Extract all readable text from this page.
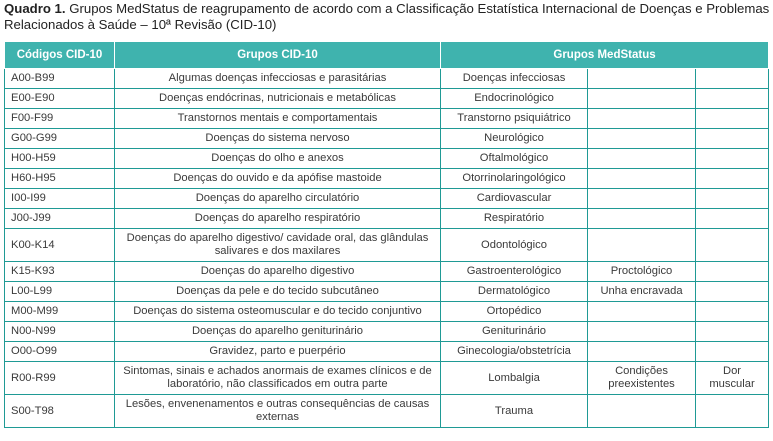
Quadro 1. Grupos MedStatus de reagrupamento de acordo com a Classificação Estatística Internacional de Doenças e Problemas Relacionados à Saúde – 10ª Revisão (CID-10)
Códigos CID-10	Grupos CID-10	Grupos MedStatus		
A00-B99	Algumas doenças infecciosas e parasitárias	Doenças infecciosas		
E00-E90	Doenças endócrinas, nutricionais e metabólicas	Endocrinológico		
F00-F99	Transtornos mentais e comportamentais	Transtorno psiquiátrico		
G00-G99	Doenças do sistema nervoso	Neurológico		
H00-H59	Doenças do olho e anexos	Oftalmológico		
H60-H95	Doenças do ouvido e da apófise mastoide	Otorrinolaringológico		
I00-I99	Doenças do aparelho circulatório	Cardiovascular		
J00-J99	Doenças do aparelho respiratório	Respiratório		
K00-K14	Doenças do aparelho digestivo/ cavidade oral, das glândulas salivares e dos maxilares	Odontológico		
K15-K93	Doenças do aparelho digestivo	Gastroenterológico	Proctológico	
L00-L99	Doenças da pele e do tecido subcutâneo	Dermatológico	Unha encravada	
M00-M99	Doenças do sistema osteomuscular e do tecido conjuntivo	Ortopédico		
N00-N99	Doenças do aparelho geniturinário	Geniturinário		
O00-O99	Gravidez, parto e puerpério	Ginecologia/obstetrícia		
R00-R99	Sintomas, sinais e achados anormais de exames clínicos e de laboratório, não classificados em outra parte	Lombalgia	Condições preexistentes	Dor muscular
S00-T98	Lesões, envenenamentos e outras consequências de causas externas	Trauma		
